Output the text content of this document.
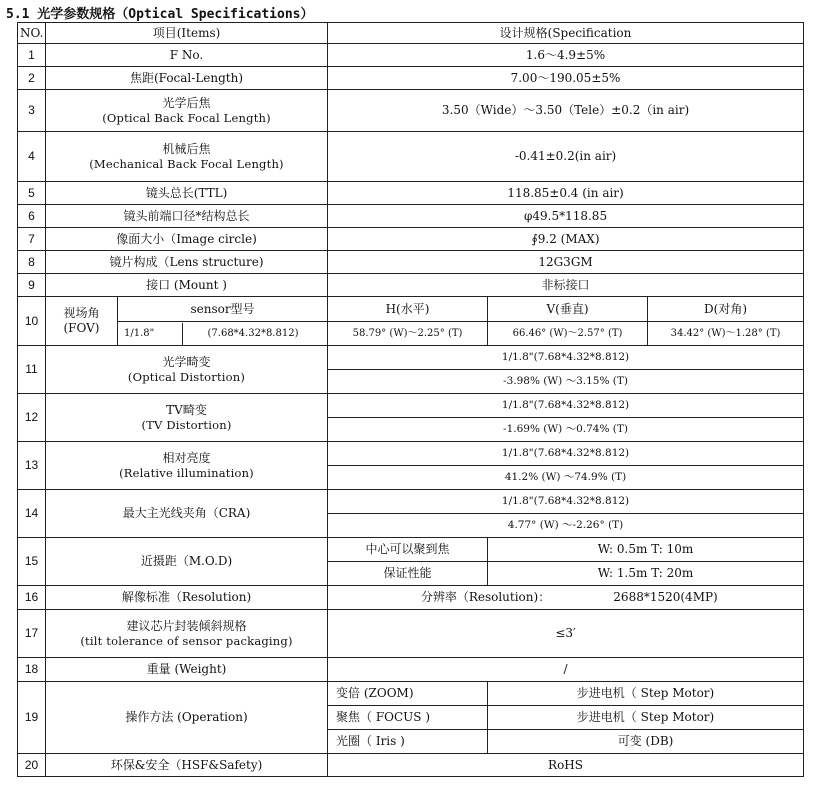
5.1 光学参数规格（Optical Specifications）
NO.	项目(Items)		设计规格(Specification		
1	F No.		1.6～4.9±5%		
2	焦距(Focal-Length)		7.00～190.05±5%		
3	光学后焦
(Optical Back Focal Length)		3.50（Wide）～3.50（Tele）±0.2（in air)		
4	机械后焦
(Mechanical Back Focal Length)		-0.41±0.2(in air)		
5	镜头总长(TTL)		118.85±0.4 (in air)		
6	镜头前端口径*结构总长		φ49.5*118.85		
7	像面大小（Image circle)		∮9.2 (MAX)		
8	镜片构成（Lens structure)		12G3GM		
9	接口 (Mount )		非标接口		
10	视场角
(FOV)	sensor型号	H(水平)	V(垂直)	D(对角)
		1/1.8" (7.68*4.32*8.812)	58.79° (W)～2.25° (T)	66.46° (W)～2.57° (T)	34.42° (W)～1.28° (T)
11	光学畸变
(Optical Distortion)		1/1.8"(7.68*4.32*8.812)		
			-3.98% (W) ～3.15% (T)		
12	TV畸变
(TV Distortion)		1/1.8"(7.68*4.32*8.812)		
			-1.69% (W) ～0.74% (T)		
13	相对亮度
(Relative illumination)		1/1.8"(7.68*4.32*8.812)		
			41.2% (W) ～74.9% (T)		
14	最大主光线夹角（CRA)		1/1.8"(7.68*4.32*8.812)		
			4.77° (W) ～-2.26° (T)		
15	近摄距（M.O.D)		中心可以聚到焦	W: 0.5m T: 10m	
			保证性能	W: 1.5m T: 20m	
16	解像标准（Resolution)		分辨率（Resolution)： 2688*1520(4MP)		
17	建议芯片封装倾斜规格
(tilt tolerance of sensor packaging)		≤3′		
18	重量 (Weight)		/		
19	操作方法 (Operation)		变倍 (ZOOM)	步进电机（ Step Motor)	
			聚焦（ FOCUS )	步进电机（ Step Motor)	
			光圈（ Iris )	可变 (DB)	
20	环保&安全（HSF&Safety)		RoHS		
